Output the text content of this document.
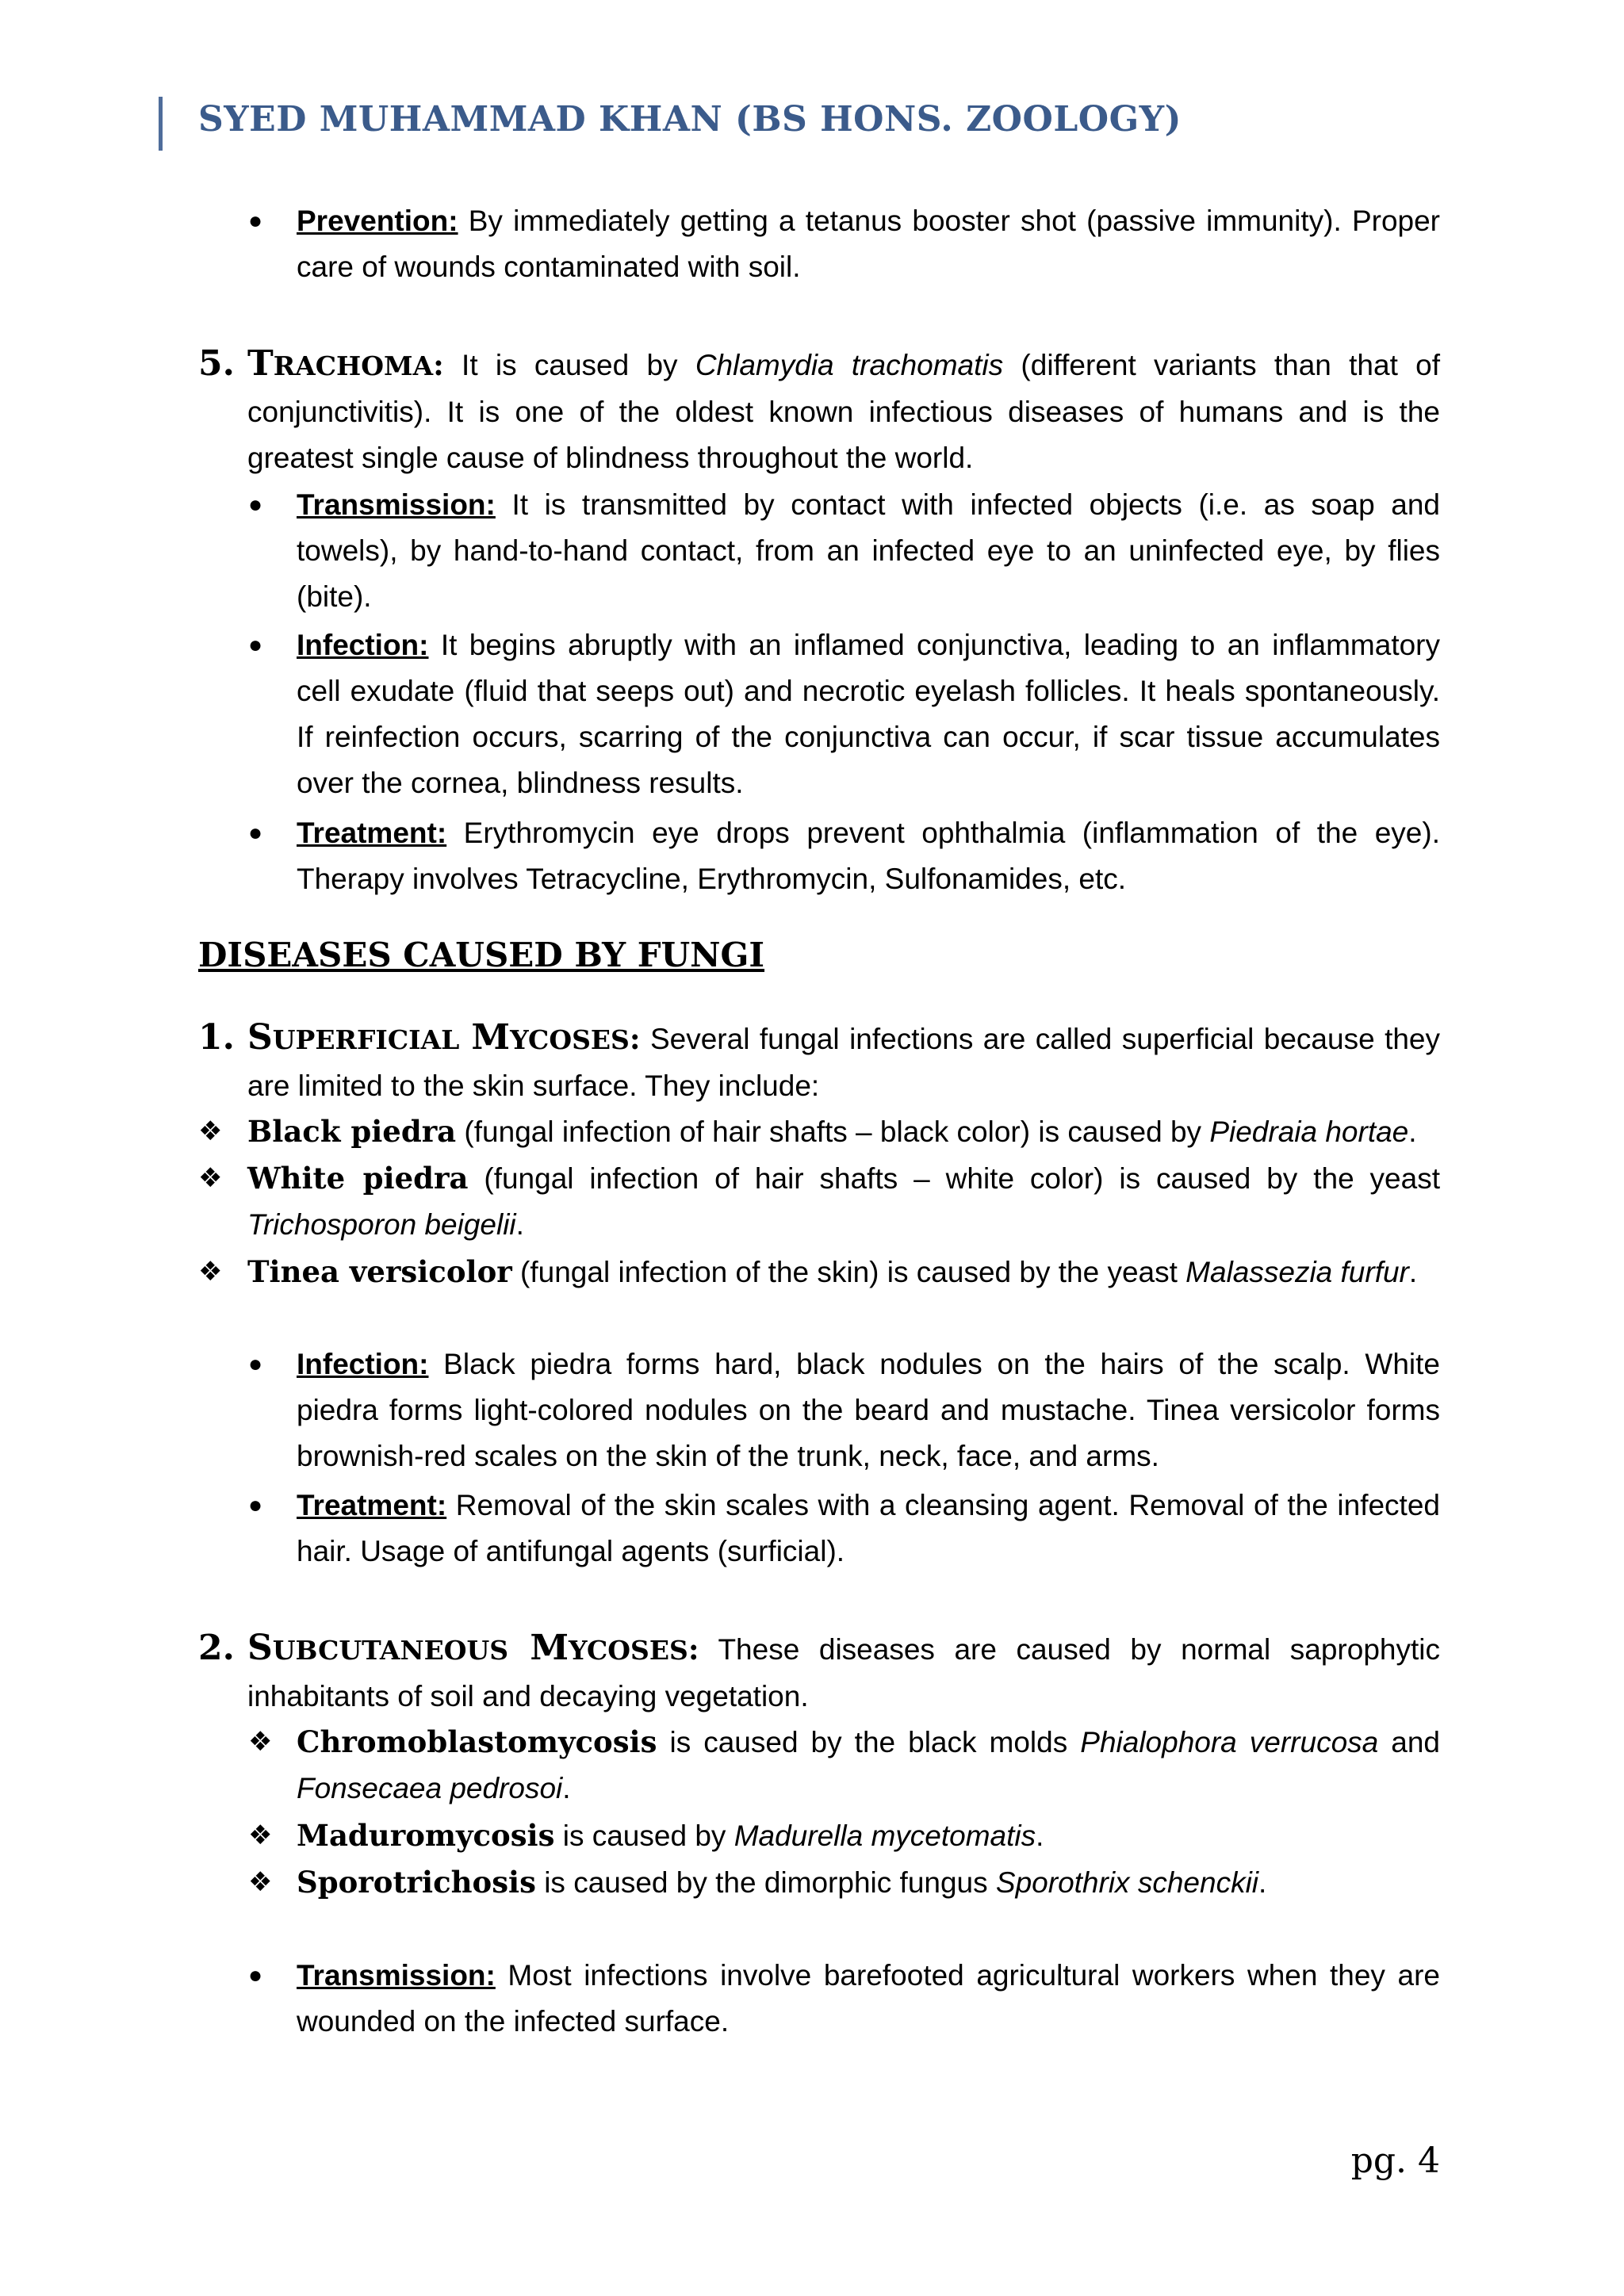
SYED MUHAMMAD KHAN (BS HONS. ZOOLOGY)
● Prevention: By immediately getting a tetanus booster shot (passive immunity). Proper care of wounds contaminated with soil.
5. TRACHOMA: It is caused by Chlamydia trachomatis (different variants than that of conjunctivitis). It is one of the oldest known infectious diseases of humans and is the greatest single cause of blindness throughout the world.
● Transmission: It is transmitted by contact with infected objects (i.e. as soap and towels), by hand-to-hand contact, from an infected eye to an uninfected eye, by flies (bite).
● Infection: It begins abruptly with an inflamed conjunctiva, leading to an inflammatory cell exudate (fluid that seeps out) and necrotic eyelash follicles. It heals spontaneously. If reinfection occurs, scarring of the conjunctiva can occur, if scar tissue accumulates over the cornea, blindness results.
● Treatment: Erythromycin eye drops prevent ophthalmia (inflammation of the eye). Therapy involves Tetracycline, Erythromycin, Sulfonamides, etc.
DISEASES CAUSED BY FUNGI
1. SUPERFICIAL MYCOSES: Several fungal infections are called superficial because they are limited to the skin surface. They include:
❖ Black piedra (fungal infection of hair shafts – black color) is caused by Piedraia hortae.
❖ White piedra (fungal infection of hair shafts – white color) is caused by the yeast Trichosporon beigelii.
❖ Tinea versicolor (fungal infection of the skin) is caused by the yeast Malassezia furfur.
● Infection: Black piedra forms hard, black nodules on the hairs of the scalp. White piedra forms light-colored nodules on the beard and mustache. Tinea versicolor forms brownish-red scales on the skin of the trunk, neck, face, and arms.
● Treatment: Removal of the skin scales with a cleansing agent. Removal of the infected hair. Usage of antifungal agents (surficial).
2. SUBCUTANEOUS MYCOSES: These diseases are caused by normal saprophytic inhabitants of soil and decaying vegetation.
❖ Chromoblastomycosis is caused by the black molds Phialophora verrucosa and Fonsecaea pedrosoi.
❖ Maduromycosis is caused by Madurella mycetomatis.
❖ Sporotrichosis is caused by the dimorphic fungus Sporothrix schenckii.
● Transmission: Most infections involve barefooted agricultural workers when they are wounded on the infected surface.
pg. 4
